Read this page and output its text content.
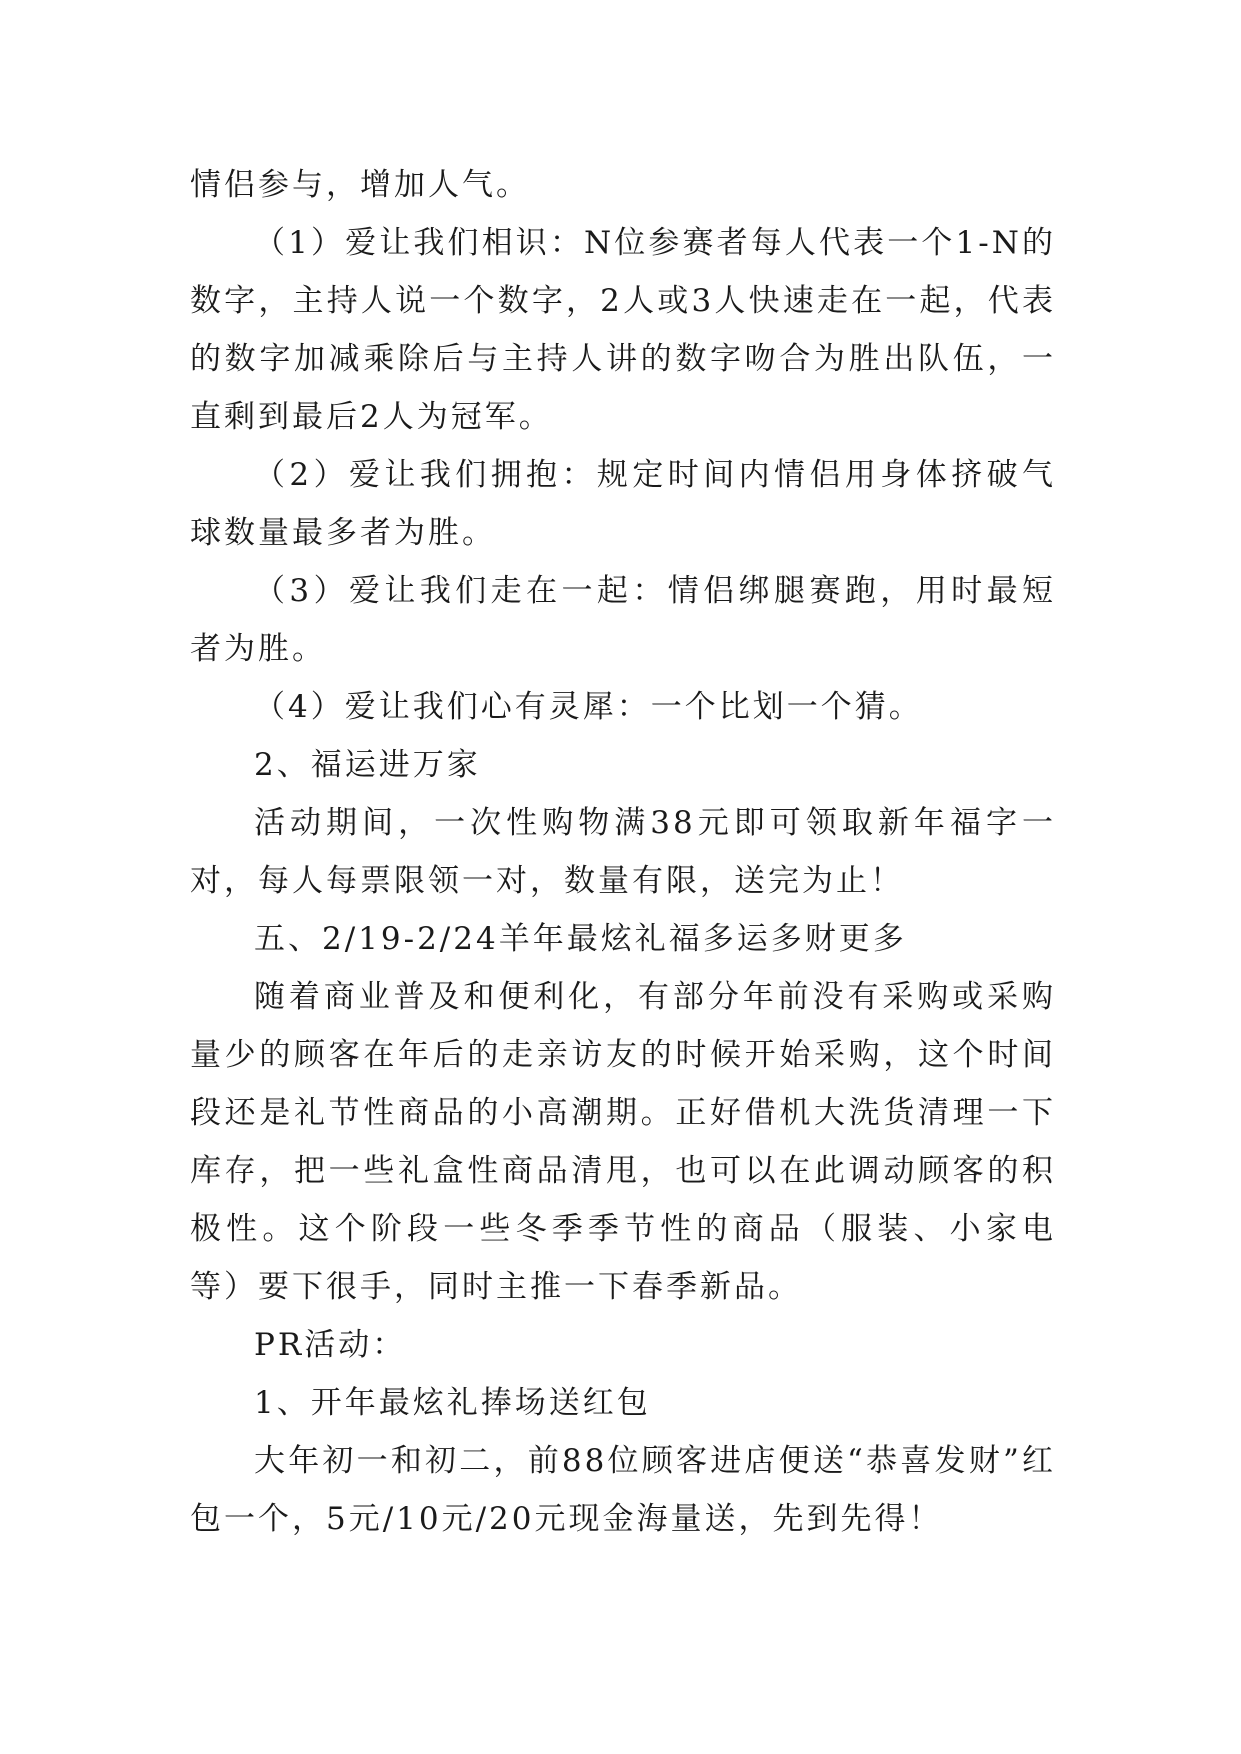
情侣参与，增加人气。

（1）爱让我们相识：N位参赛者每人代表一个1-N的数字，主持人说一个数字，2人或3人快速走在一起，代表的数字加减乘除后与主持人讲的数字吻合为胜出队伍，一直剩到最后2人为冠军。

（2）爱让我们拥抱：规定时间内情侣用身体挤破气球数量最多者为胜。

（3）爱让我们走在一起：情侣绑腿赛跑，用时最短者为胜。

（4）爱让我们心有灵犀：一个比划一个猜。

2、福运进万家

活动期间，一次性购物满38元即可领取新年福字一对，每人每票限领一对，数量有限，送完为止！

五、2/19-2/24羊年最炫礼福多运多财更多

随着商业普及和便利化，有部分年前没有采购或采购量少的顾客在年后的走亲访友的时候开始采购，这个时间段还是礼节性商品的小高潮期。正好借机大洗货清理一下库存，把一些礼盒性商品清甩，也可以在此调动顾客的积极性。这个阶段一些冬季季节性的商品（服装、小家电等）要下很手，同时主推一下春季新品。

PR活动：

1、开年最炫礼捧场送红包

大年初一和初二，前88位顾客进店便送“恭喜发财”红包一个，5元/10元/20元现金海量送，先到先得！
